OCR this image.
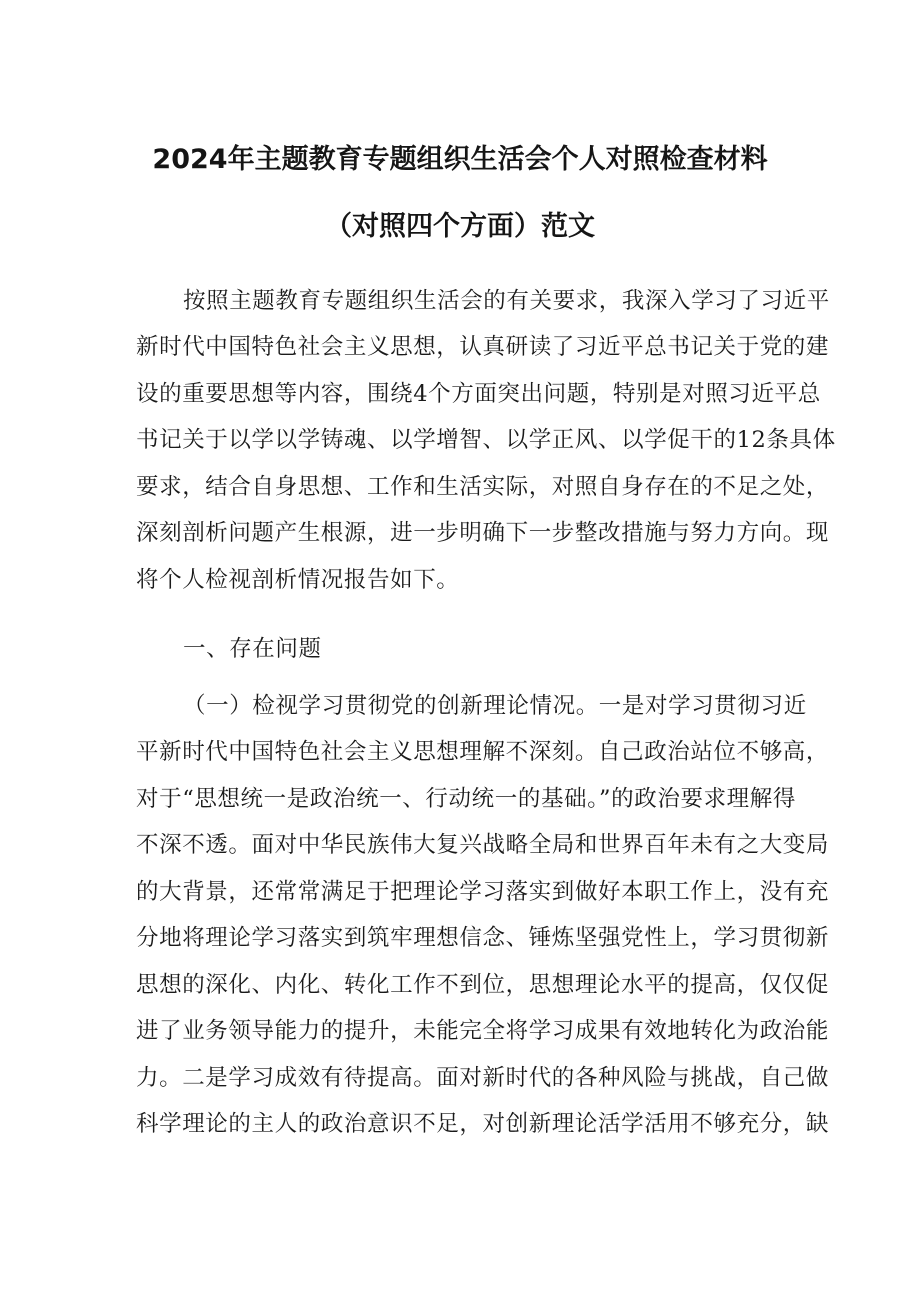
2024年主题教育专题组织生活会个人对照检查材料
（对照四个方面）范文
按照主题教育专题组织生活会的有关要求，我深入学习了习近平
新时代中国特色社会主义思想，认真研读了习近平总书记关于党的建
设的重要思想等内容，围绕4个方面突出问题，特别是对照习近平总
书记关于以学以学铸魂、以学增智、以学正风、以学促干的12条具体
要求，结合自身思想、工作和生活实际，对照自身存在的不足之处，
深刻剖析问题产生根源，进一步明确下一步整改措施与努力方向。现
将个人检视剖析情况报告如下。
一、存在问题
（一）检视学习贯彻党的创新理论情况。一是对学习贯彻习近
平新时代中国特色社会主义思想理解不深刻。自己政治站位不够高，
对于“思想统一是政治统一、行动统一的基础。”的政治要求理解得
不深不透。面对中华民族伟大复兴战略全局和世界百年未有之大变局
的大背景，还常常满足于把理论学习落实到做好本职工作上，没有充
分地将理论学习落实到筑牢理想信念、锤炼坚强党性上，学习贯彻新
思想的深化、内化、转化工作不到位，思想理论水平的提高，仅仅促
进了业务领导能力的提升，未能完全将学习成果有效地转化为政治能
力。二是学习成效有待提高。面对新时代的各种风险与挑战，自己做
科学理论的主人的政治意识不足，对创新理论活学活用不够充分，缺
